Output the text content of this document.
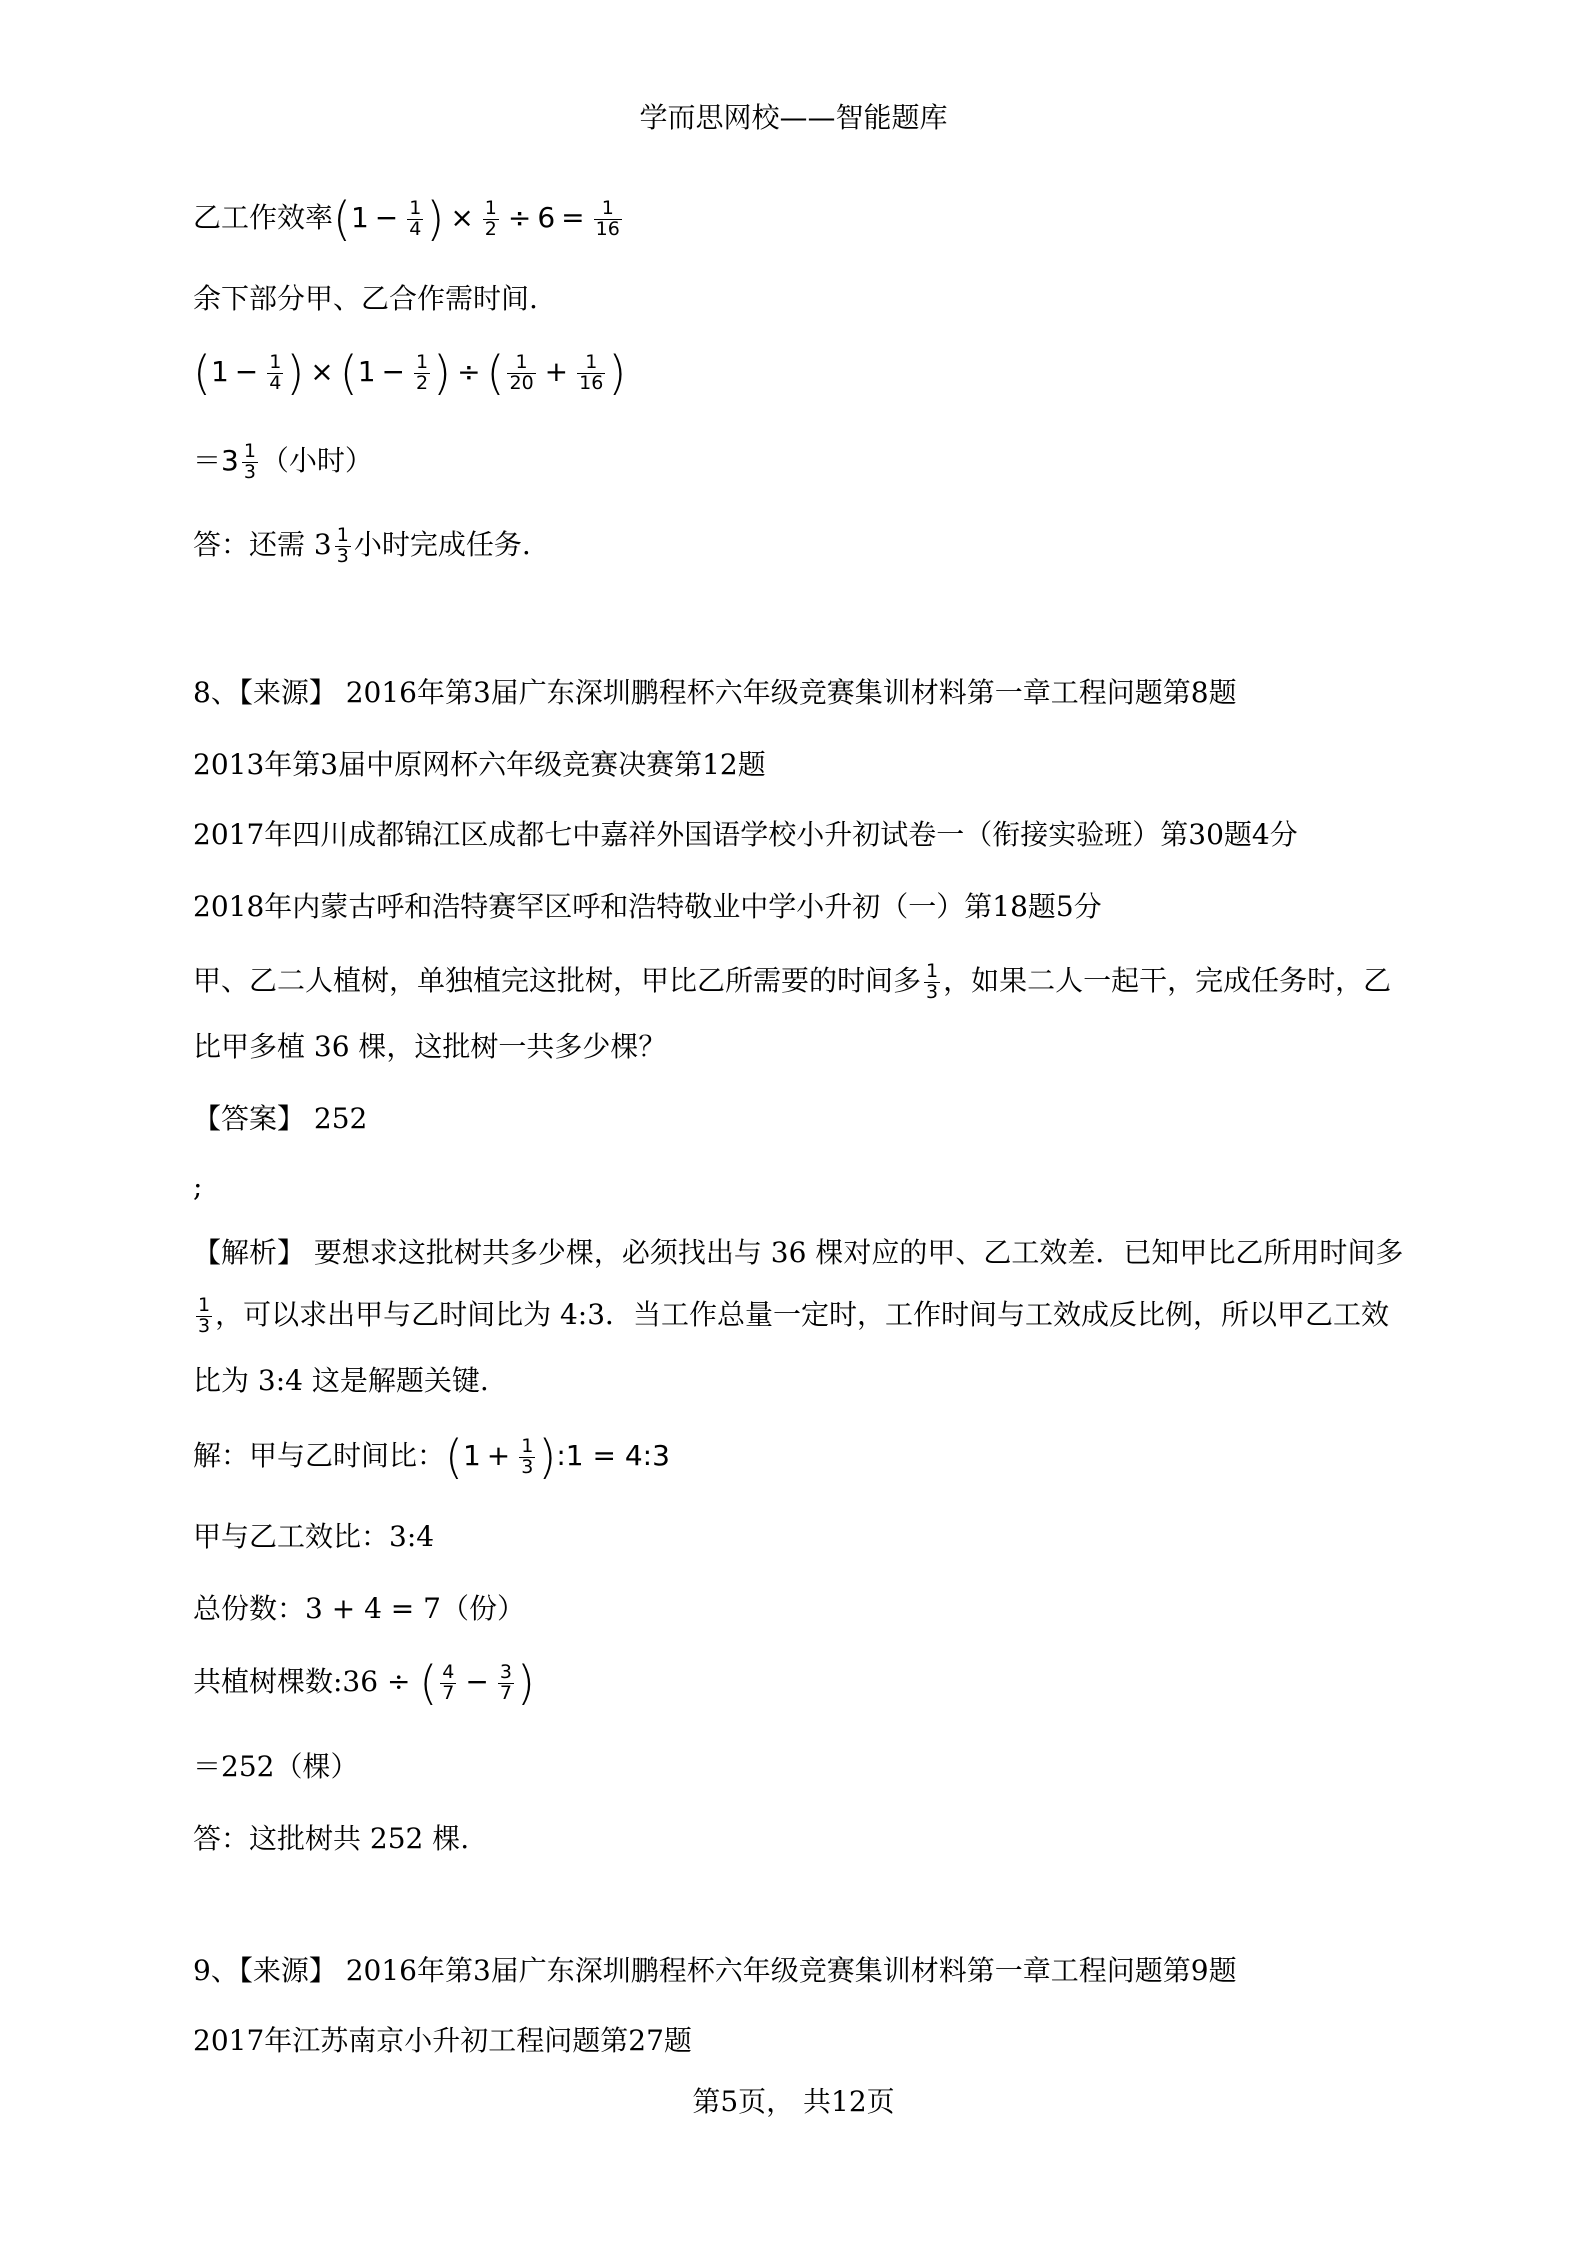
学而思网校——智能题库
乙工作效率($1 - \frac{1}{4}$ ) × $\frac{1}{2} \div 6 = \frac{1}{16}$
余下部分甲、乙合作需时间.
($1 - \frac{1}{4}$ ) × ($1 - \frac{1}{2}$ ) ÷ ( $\frac{1}{20} + \frac{1}{16}$ )
$=3 \frac{1}{3}$ （小时）
答：还需 $3 \frac{1}{3}$ 小时完成任务.
8、【来源】 2016年第3届广东深圳鹏程杯六年级竞赛集训材料第一章工程问题第8题
2013年第3届中原网杯六年级竞赛决赛第12题
2017年四川成都锦江区成都七中嘉祥外国语学校小升初试卷一（衔接实验班）第30题4分
2018年内蒙古呼和浩特赛罕区呼和浩特敬业中学小升初（一）第18题5分
甲、乙二人植树，单独植完这批树，甲比乙所需要的时间多 $\frac{1}{3}$ ，如果二人一起干，完成任务时，乙
比甲多植 36 棵，这批树一共多少棵？
【答案】 252
;
【解析】 要想求这批树共多少棵，必须找出与 36 棵对应的甲、乙工效差．已知甲比乙所用时间多
$\frac{1}{3}$ ，可以求出甲与乙时间比为 4:3．当工作总量一定时，工作时间与工效成反比例，所以甲乙工效
比为 3:4 这是解题关键.
解：甲与乙时间比：($1 + \frac{1}{3}$ ):1 = 4:3
甲与乙工效比：3:4
总份数：3 + 4 = 7（份）
共植树棵数:36 ÷ ( $\frac{4}{7} - \frac{3}{7}$ )
＝252（棵）
答：这批树共 252 棵.
9、【来源】 2016年第3届广东深圳鹏程杯六年级竞赛集训材料第一章工程问题第9题
2017年江苏南京小升初工程问题第27题
第5页， 共12页
